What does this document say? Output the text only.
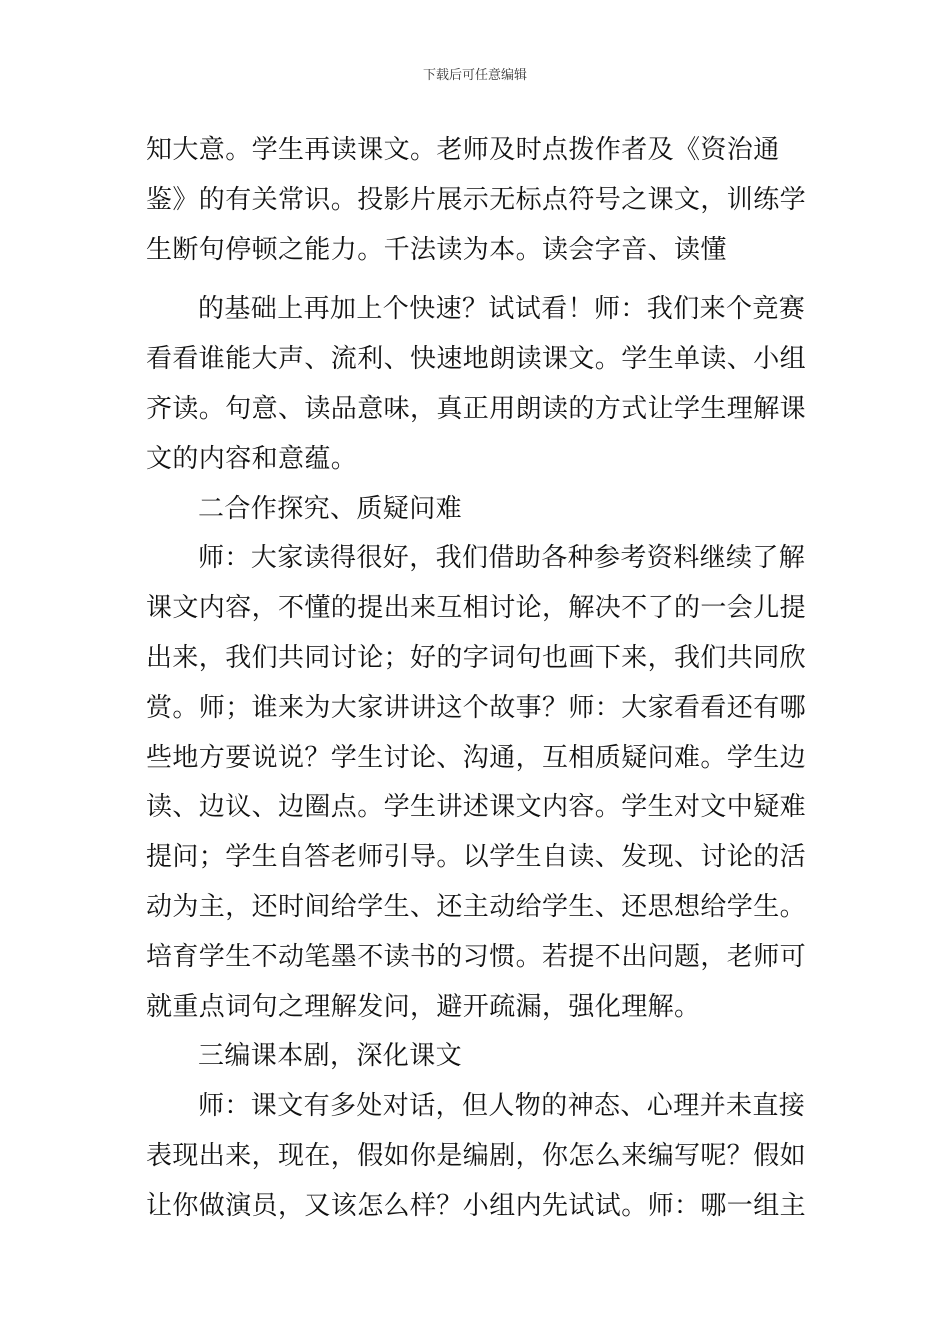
下载后可任意编辑
知大意。学生再读课文。老师及时点拨作者及《资治通
鉴》的有关常识。投影片展示无标点符号之课文，训练学
生断句停顿之能力。千法读为本。读会字音、读懂
的基础上再加上个快速？试试看！师：我们来个竞赛
看看谁能大声、流利、快速地朗读课文。学生单读、小组
齐读。句意、读品意味，真正用朗读的方式让学生理解课
文的内容和意蕴。
二合作探究、质疑问难
师：大家读得很好，我们借助各种参考资料继续了解
课文内容，不懂的提出来互相讨论，解决不了的一会儿提
出来，我们共同讨论；好的字词句也画下来，我们共同欣
赏。师；谁来为大家讲讲这个故事？师：大家看看还有哪
些地方要说说？学生讨论、沟通，互相质疑问难。学生边
读、边议、边圈点。学生讲述课文内容。学生对文中疑难
提问；学生自答老师引导。以学生自读、发现、讨论的活
动为主，还时间给学生、还主动给学生、还思想给学生。
培育学生不动笔墨不读书的习惯。若提不出问题，老师可
就重点词句之理解发问，避开疏漏，强化理解。
三编课本剧，深化课文
师：课文有多处对话，但人物的神态、心理并未直接
表现出来，现在，假如你是编剧，你怎么来编写呢？假如
让你做演员，又该怎么样？小组内先试试。师：哪一组主
